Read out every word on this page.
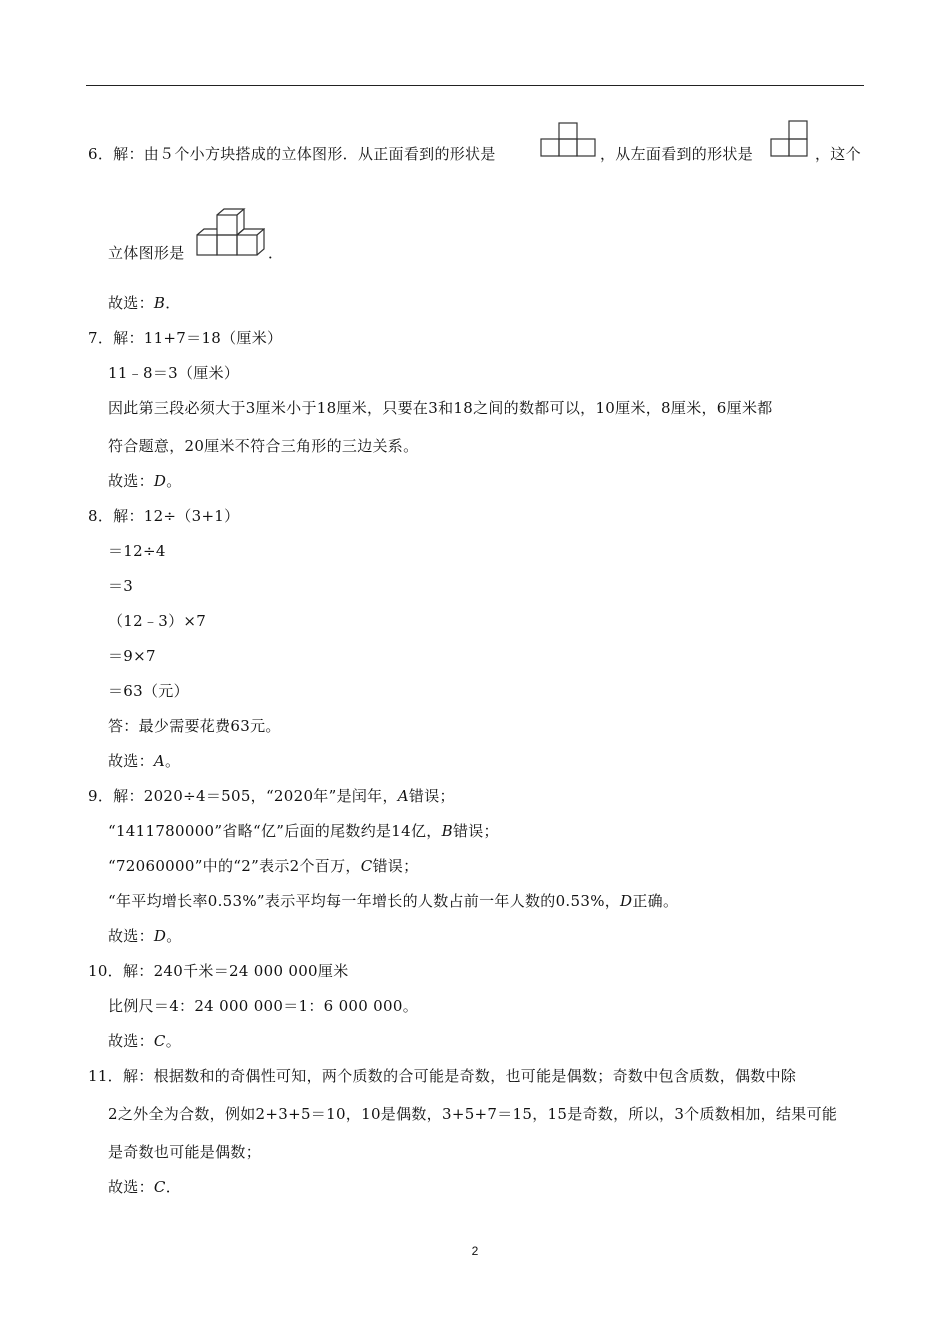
6．解：由５个小方块搭成的立体图形．从正面看到的形状是	，从左面看到的形状是	，这个
立体图形是	．
故选：B．
7．解：11+7＝18（厘米）
11﹣8＝3（厘米）
因此第三段必须大于3厘米小于18厘米，只要在3和18之间的数都可以，10厘米，8厘米，6厘米都
符合题意，20厘米不符合三角形的三边关系。
故选：D。
8．解：12÷（3+1）
＝12÷4
＝3
（12﹣3）×7
＝9×7
＝63（元）
答：最少需要花费63元。
故选：A。
9．解：2020÷4＝505，“2020年”是闰年，A错误；
“1411780000”省略“亿”后面的尾数约是14亿，B错误；
“72060000”中的“2”表示2个百万，C错误；
“年平均增长率0.53%”表示平均每一年增长的人数占前一年人数的0.53%，D正确。
故选：D。
10．解：240千米＝24 000 000厘米
比例尺＝4：24 000 000＝1：6 000 000。
故选：C。
11．解：根据数和的奇偶性可知，两个质数的合可能是奇数，也可能是偶数；奇数中包含质数，偶数中除
2之外全为合数，例如2+3+5＝10，10是偶数，3+5+7＝15，15是奇数，所以，3个质数相加，结果可能
是奇数也可能是偶数；
故选：C．
2
